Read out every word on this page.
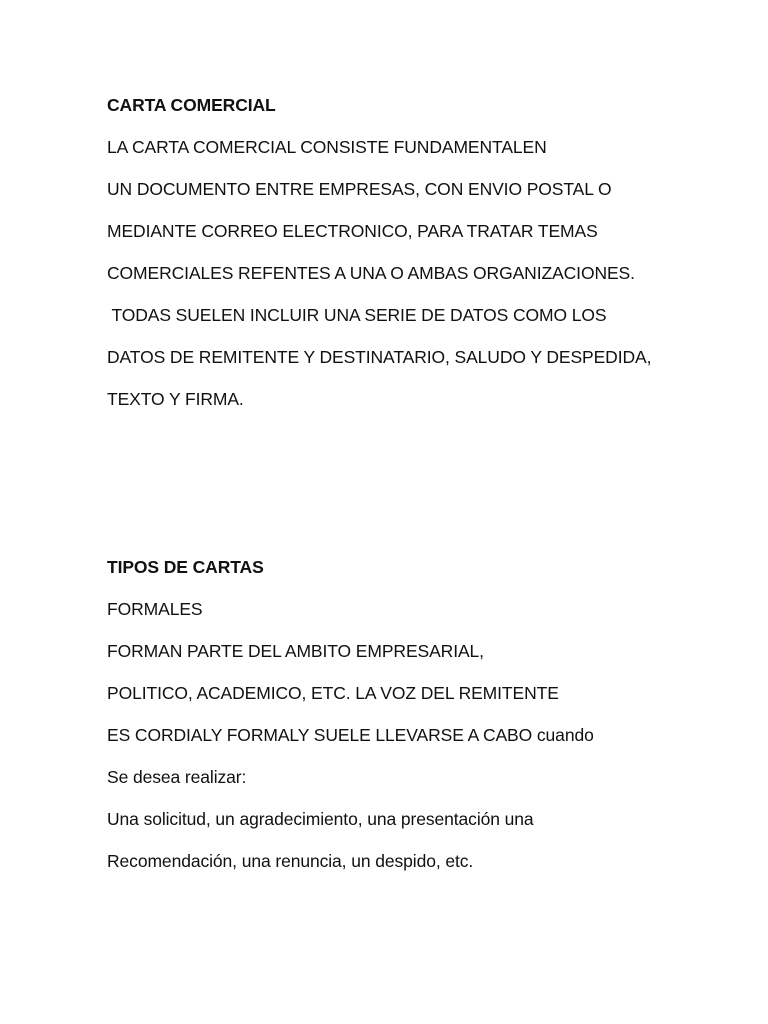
CARTA COMERCIAL
LA CARTA COMERCIAL CONSISTE FUNDAMENTALEN
UN DOCUMENTO ENTRE EMPRESAS, CON ENVIO POSTAL O
MEDIANTE CORREO ELECTRONICO, PARA TRATAR TEMAS
COMERCIALES REFENTES A UNA O AMBAS ORGANIZACIONES.
TODAS SUELEN INCLUIR UNA SERIE DE DATOS COMO LOS
DATOS DE REMITENTE Y DESTINATARIO, SALUDO Y DESPEDIDA,
TEXTO Y FIRMA.
TIPOS DE CARTAS
FORMALES
FORMAN PARTE DEL AMBITO EMPRESARIAL,
POLITICO, ACADEMICO, ETC. LA VOZ DEL REMITENTE
ES CORDIALY FORMALY SUELE LLEVARSE A CABO cuando
Se desea realizar:
Una solicitud, un agradecimiento, una presentación una
Recomendación, una renuncia, un despido, etc.
